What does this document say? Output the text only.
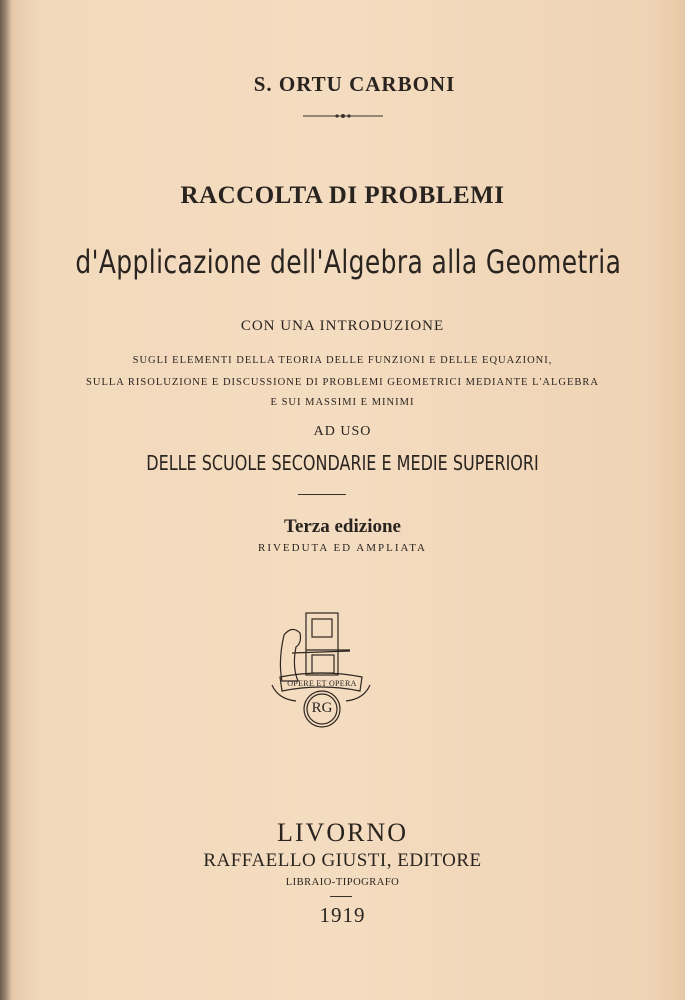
S. ORTU CARBONI
RACCOLTA DI PROBLEMI
d'Applicazione dell'Algebra alla Geometria
CON UNA INTRODUZIONE
SUGLI ELEMENTI DELLA TEORIA DELLE FUNZIONI E DELLE EQUAZIONI,
SULLA RISOLUZIONE E DISCUSSIONE DI PROBLEMI GEOMETRICI MEDIANTE L'ALGEBRA
E SUI MASSIMI E MINIMI
AD USO
DELLE SCUOLE SECONDARIE E MEDIE SUPERIORI
Terza edizione
RIVEDUTA ED AMPLIATA
OPERE ET OPERA
RG
LIVORNO
RAFFAELLO GIUSTI, EDITORE
LIBRAIO-TIPOGRAFO
1919
